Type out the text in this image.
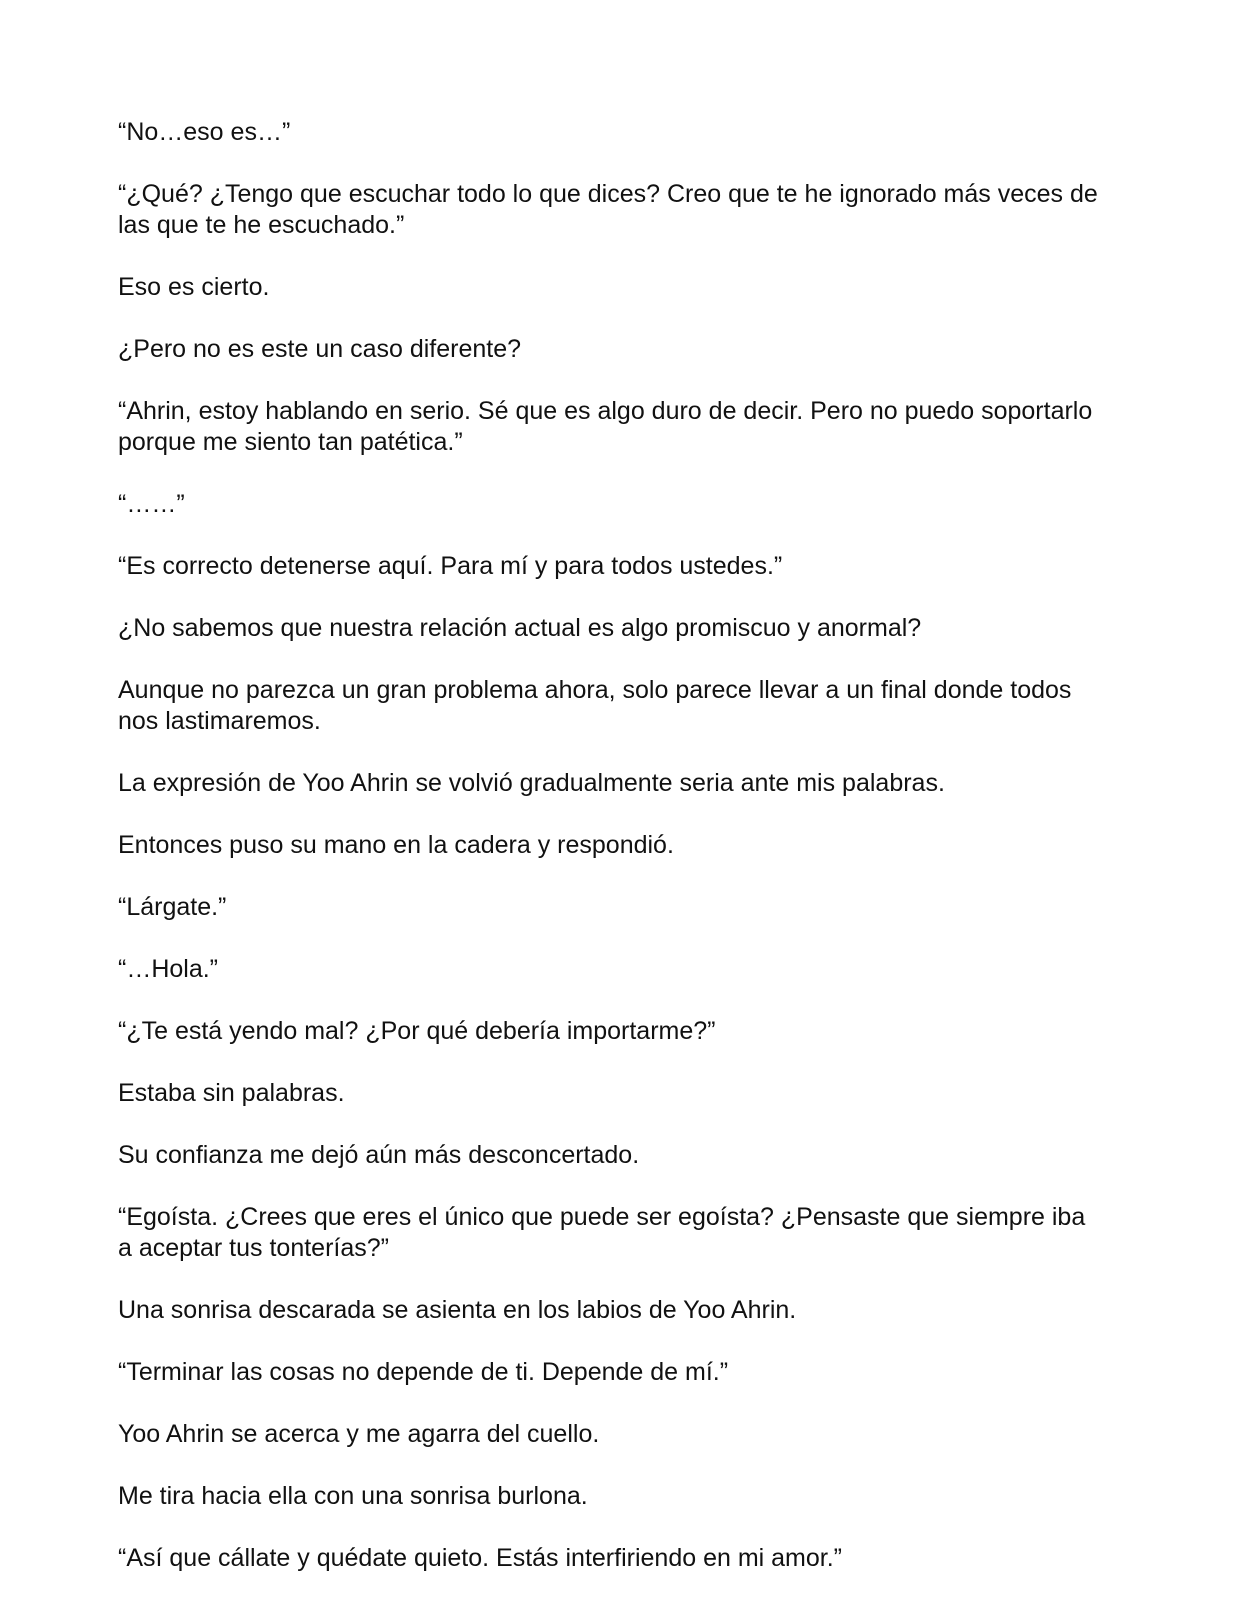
“No…eso es…”

“¿Qué? ¿Tengo que escuchar todo lo que dices? Creo que te he ignorado más veces de las que te he escuchado.”

Eso es cierto.

¿Pero no es este un caso diferente?

“Ahrin, estoy hablando en serio. Sé que es algo duro de decir. Pero no puedo soportarlo porque me siento tan patética.”

“……”

“Es correcto detenerse aquí. Para mí y para todos ustedes.”

¿No sabemos que nuestra relación actual es algo promiscuo y anormal?

Aunque no parezca un gran problema ahora, solo parece llevar a un final donde todos nos lastimaremos.

La expresión de Yoo Ahrin se volvió gradualmente seria ante mis palabras.

Entonces puso su mano en la cadera y respondió.

“Lárgate.”

“…Hola.”

“¿Te está yendo mal? ¿Por qué debería importarme?”

Estaba sin palabras.

Su confianza me dejó aún más desconcertado.

“Egoísta. ¿Crees que eres el único que puede ser egoísta? ¿Pensaste que siempre iba a aceptar tus tonterías?”

Una sonrisa descarada se asienta en los labios de Yoo Ahrin.

“Terminar las cosas no depende de ti. Depende de mí.”

Yoo Ahrin se acerca y me agarra del cuello.

Me tira hacia ella con una sonrisa burlona.

“Así que cállate y quédate quieto. Estás interfiriendo en mi amor.”
